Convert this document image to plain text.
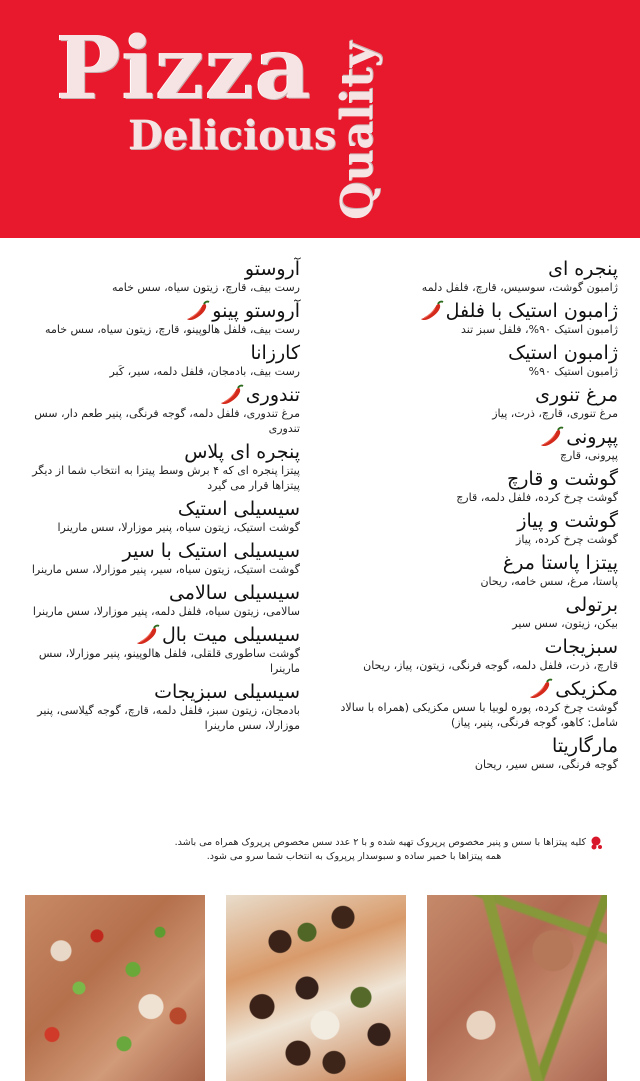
Pizza
Delicious
Quality
پنجره ای
ژامبون گوشت، سوسیس، قارچ، فلفل دلمه
ژامبون استیک با فلفل
ژامبون استیک ۹۰%، فلفل سبز تند
ژامبون استیک
ژامبون استیک ۹۰%
مرغ تنوری
مرغ تنوری، قارچ، ذرت، پیاز
پپرونی
پپرونی، قارچ
گوشت و قارچ
گوشت چرخ کرده، فلفل دلمه، قارچ
گوشت و پیاز
گوشت چرخ کرده، پیاز
پیتزا پاستا مرغ
پاستا، مرغ، سس خامه، ریحان
برتولی
بیکن، زیتون، سس سیر
سبزیجات
قارچ، ذرت، فلفل دلمه، گوجه فرنگی، زیتون، پیاز، ریحان
مکزیکی
گوشت چرخ کرده، پوره لوبیا با سس مکزیکی (همراه با سالاد شامل: کاهو، گوجه فرنگی، پنیر، پیاز)
مارگاریتا
گوجه فرنگی، سس سیر، ریحان
آروستو
رست بیف، قارچ، زیتون سیاه، سس خامه
آروستو پینو
رست بیف، فلفل هالوپینو، قارچ، زیتون سیاه، سس خامه
کارزانا
رست بیف، بادمجان، فلفل دلمه، سیر، کَبر
تندوری
مرغ تندوری، فلفل دلمه، گوجه فرنگی، پنیر طعم دار، سس تندوری
پنجره ای پلاس
پیتزا پنجره ای که ۴ برش وسط پیتزا به انتخاب شما از دیگر پیتزاها قرار می گیرد
سیسیلی استیک
گوشت استیک، زیتون سیاه، پنیر موزارلا، سس مارینرا
سیسیلی استیک با سیر
گوشت استیک، زیتون سیاه، سیر، پنیر موزارلا، سس مارینرا
سیسیلی سالامی
سالامی، زیتون سیاه، فلفل دلمه، پنیر موزارلا، سس مارینرا
سیسیلی میت بال
گوشت ساطوری قلقلی، فلفل هالوپینو، پنیر موزارلا، سس مارینرا
سیسیلی سبزیجات
بادمجان، زیتون سبز، فلفل دلمه، قارچ، گوجه گیلاسی، پنیر موزارلا، سس مارینرا
کلیه پیتزاها با سس و پنیر مخصوص پرپروک تهیه شده و با ۲ عدد سس مخصوص پرپروک همراه می باشد.
همه پیتزاها با خمیر ساده و سبوسدار پرپروک به انتخاب شما سرو می شود.
